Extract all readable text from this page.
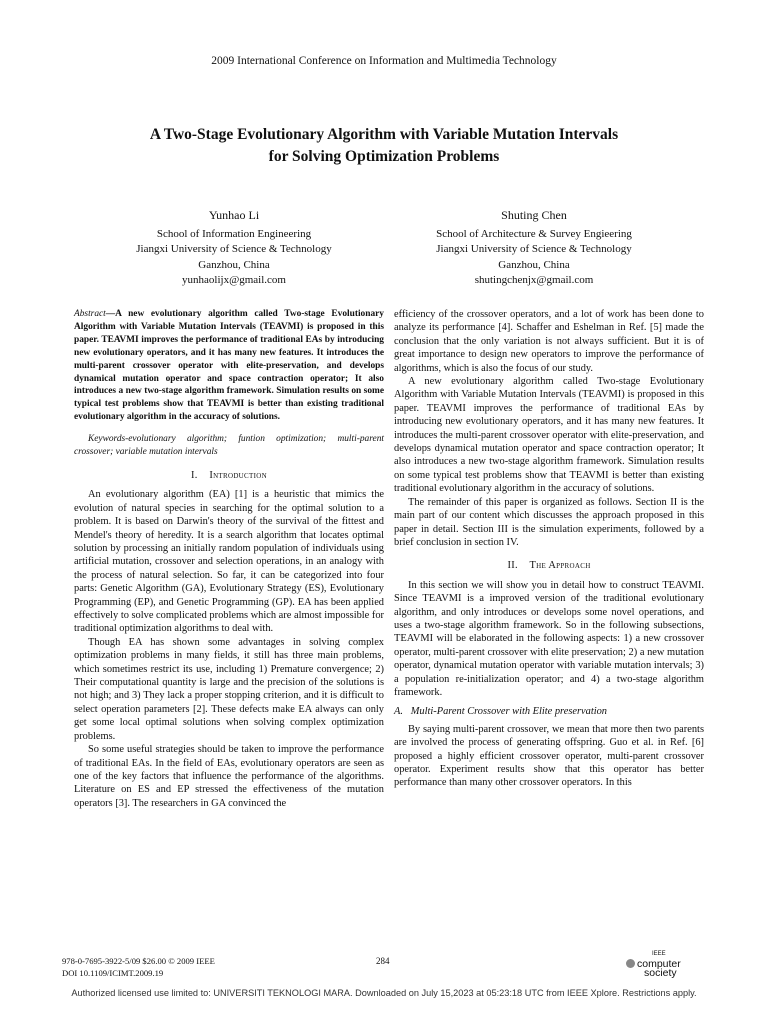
2009 International Conference on Information and Multimedia Technology
A Two-Stage Evolutionary Algorithm with Variable Mutation Intervals
for Solving Optimization Problems
Yunhao Li
School of Information Engineering
Jiangxi University of Science & Technology
Ganzhou, China
yunhaolijx@gmail.com
Shuting Chen
School of Architecture & Survey Engieering
Jiangxi University of Science & Technology
Ganzhou, China
shutingchenjx@gmail.com

Abstract—A new evolutionary algorithm called Two-stage Evolutionary Algorithm with Variable Mutation Intervals (TEAVMI) is proposed in this paper. TEAVMI improves the performance of traditional EAs by introducing new evolutionary operators, and it has many new features. It introduces the multi-parent crossover operator with elite-preservation, and develops dynamical mutation operator and space contraction operator; It also introduces a new two-stage algorithm framework. Simulation results on some typical test problems show that TEAVMI is better than existing traditional evolutionary algorithm in the accuracy of solutions.

Keywords-evolutionary algorithm; funtion optimization; multi-parent crossover; variable mutation intervals

I. Introduction

An evolutionary algorithm (EA) [1] is a heuristic that mimics the evolution of natural species in searching for the optimal solution to a problem. It is based on Darwin's theory of the survival of the fittest and Mendel's theory of heredity. It is a search algorithm that locates optimal solution by processing an initially random population of individuals using artificial mutation, crossover and selection operations, in an analogy with the process of natural selection. So far, it can be categorized into four parts: Genetic Algorithm (GA), Evolutionary Strategy (ES), Evolutionary Programming (EP), and Genetic Programming (GP). EA has been applied effectively to solve complicated problems which are almost impossible for traditional optimization algorithms to deal with.

Though EA has shown some advantages in solving complex optimization problems in many fields, it still has three main problems, which sometimes restrict its use, including 1) Premature convergence; 2) Their computational quantity is large and the precision of the solutions is not high; and 3) They lack a proper stopping criterion, and it is difficult to select operation parameters [2]. These defects make EA always can only get some local optimal solutions when solving complex optimization problems.

So some useful strategies should be taken to improve the performance of traditional EAs. In the field of EAs, evolutionary operators are seen as one of the key factors that influence the performance of the algorithms. Literature on ES and EP stressed the effectiveness of the mutation operators [3]. The researchers in GA convinced the

efficiency of the crossover operators, and a lot of work has been done to analyze its performance [4]. Schaffer and Eshelman in Ref. [5] made the conclusion that the only variation is not always sufficient. But it is of great importance to design new operators to improve the performance of algorithms, which is also the focus of our study.

A new evolutionary algorithm called Two-stage Evolutionary Algorithm with Variable Mutation Intervals (TEAVMI) is proposed in this paper. TEAVMI improves the performance of traditional EAs by introducing new evolutionary operators, and it has many new features. It introduces the multi-parent crossover operator with elite-preservation, and develops dynamical mutation operator and space contraction operator; It also introduces a new two-stage algorithm framework. Simulation results on some typical test problems show that TEAVMI is better than existing traditional evolutionary algorithm in the accuracy of solutions.

The remainder of this paper is organized as follows. Section II is the main part of our content which discusses the approach proposed in this paper in detail. Section III is the simulation experiments, followed by a brief conclusion in section IV.

II. The Approach

In this section we will show you in detail how to construct TEAVMI. Since TEAVMI is a improved version of the traditional evolutionary algorithm, and only introduces or develops some novel operations, and uses a two-stage algorithm framework. So in the following subsections, TEAVMI will be elaborated in the following aspects: 1) a new crossover operator, multi-parent crossover with elite preservation; 2) a new mutation operator, dynamical mutation operator with variable mutation intervals; 3) a population re-initialization operator; and 4) a two-stage algorithm framework.

A. Multi-Parent Crossover with Elite preservation

By saying multi-parent crossover, we mean that more then two parents are involved the process of generating offspring. Guo et al. in Ref. [6] proposed a highly efficient crossover operator, multi-parent crossover operator. Experiment results show that this operator has better performance than many other crossover operators. In this

978-0-7695-3922-5/09 $26.00 © 2009 IEEE
DOI 10.1109/ICIMT.2009.19
284
IEEE
computer
society
Authorized licensed use limited to: UNIVERSITI TEKNOLOGI MARA. Downloaded on July 15,2023 at 05:23:18 UTC from IEEE Xplore. Restrictions apply.
